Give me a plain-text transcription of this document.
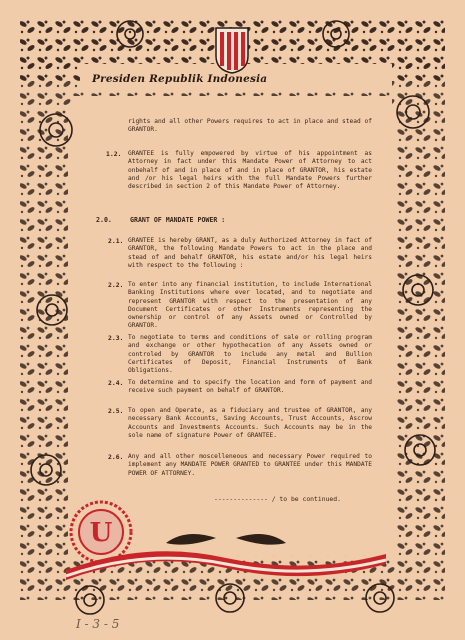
Presiden Republik Indonesia
rights and all other Powers requires to act in place and stead of GRANTOR.
1.2. GRANTEE is fully empowered by virtue of his appointment as Attorney in fact under this Mandate Power of Attorney to act onbehalf of and in place of and in place of GRANTOR, his estate and /or his legal heirs with the full Mandate Powers further described in section 2 of this Mandate Power of Attorney.
2.0.	GRANT OF MANDATE POWER :
2.1. GRANTEE is hereby GRANT, as a duly Authorized Attorney in fact of GRANTOR, the following Mandate Powers to act in the place and stead of and behalf GRANTOR, his estate and/or his legal heirs with respect to the following :
2.2. To enter into any financial institution, to include International Banking Institutions where ever located, and to negotiate and represent GRANTOR with respect to the presentation of any Document Certificates or other Instruments representing the ownership or control of any Assets owned or Controlled by GRANTOR.
2.3. To negotiate to terms and conditions of sale or rolling program and exchange or other hypothecation of any Assets owned or controled by GRANTOR to include any metal and Bullion Certificates of Deposit, Financial Instruments of Bank Obligations.
2.4. To determine and to specify the location and form of payment and receive such payment on behalf of GRANTOR.
2.5. To open and Operate, as a fiduciary and trustee of GRANTOR, any necessary Bank Accounts, Saving Accounts, Trust Accounts, Ascrow Accounts and Investments Accounts. Such Accounts may be in the sole name of signature Power of GRANTEE.
2.6. Any and all other moscelleneous and necessary Power required to implement any MANDATE POWER GRANTED to GRANTEE under this MANDATE POWER OF ATTORNEY.
-------------- / to be continued.
U
I - 3 - 5
